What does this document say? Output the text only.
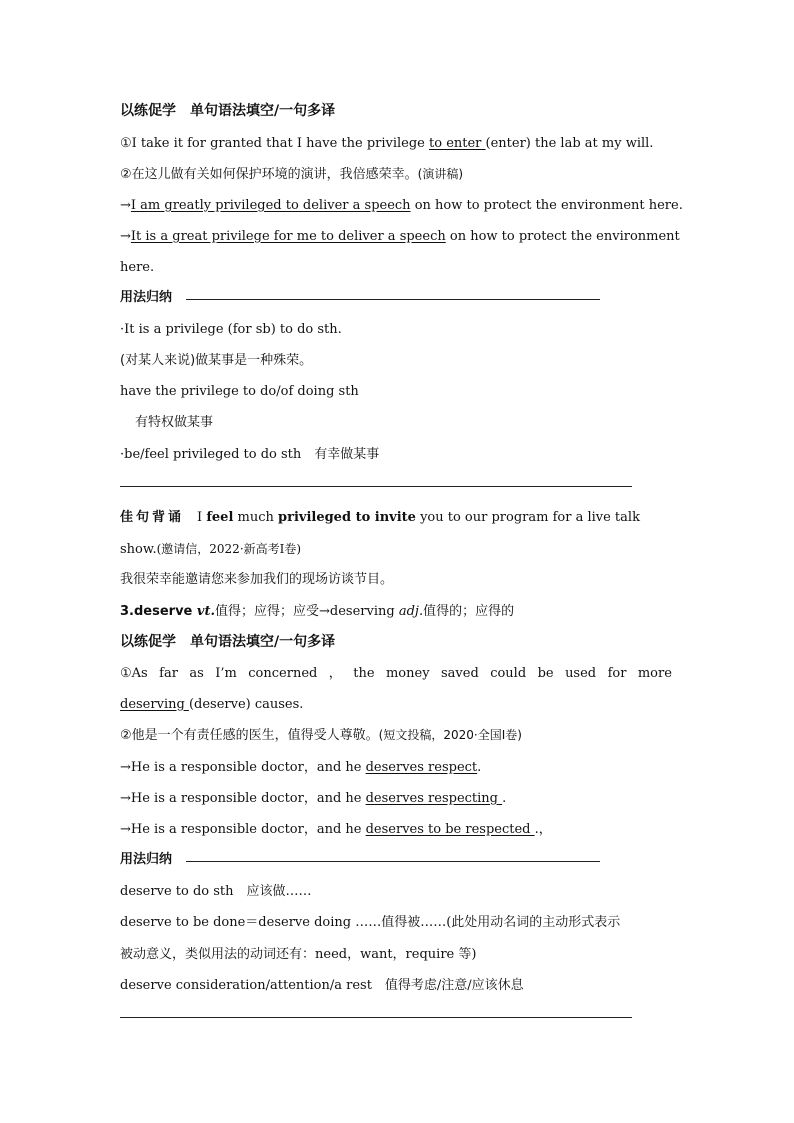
以练促学　单句语法填空/一句多译
①I take it for granted that I have the privilege to enter (enter) the lab at my will.
②在这儿做有关如何保护环境的演讲，我倍感荣幸。(演讲稿)
→I am greatly privileged to deliver a speech on how to protect the environment here.
→It is a great privilege for me to deliver a speech on how to protect the environment
here.
用法归纳
·It is a privilege (for sb) to do sth.
(对某人来说)做某事是一种殊荣。
have the privilege to do/of doing sth
有特权做某事
·be/feel privileged to do sth　有幸做某事
佳句背诵　 I feel much privileged to invite you to our program for a live talk
show.(邀请信，2022·新高考Ⅰ卷)
我很荣幸能邀请您来参加我们的现场访谈节目。
3.deserve vt.值得；应得；应受→deserving adj.值得的；应得的
以练促学　单句语法填空/一句多译
①As far as I’m concerned ， the money saved could be used for more
deserving (deserve) causes.
②他是一个有责任感的医生，值得受人尊敬。(短文投稿，2020·全国Ⅰ卷)
→He is a responsible doctor，and he deserves respect.
→He is a responsible doctor，and he deserves respecting .
→He is a responsible doctor，and he deserves to be respected .，
用法归纳
deserve to do sth　应该做……
deserve to be done＝deserve doing ……值得被……(此处用动名词的主动形式表示
被动意义，类似用法的动词还有：need，want，require 等)
deserve consideration/attention/a rest　值得考虑/注意/应该休息
